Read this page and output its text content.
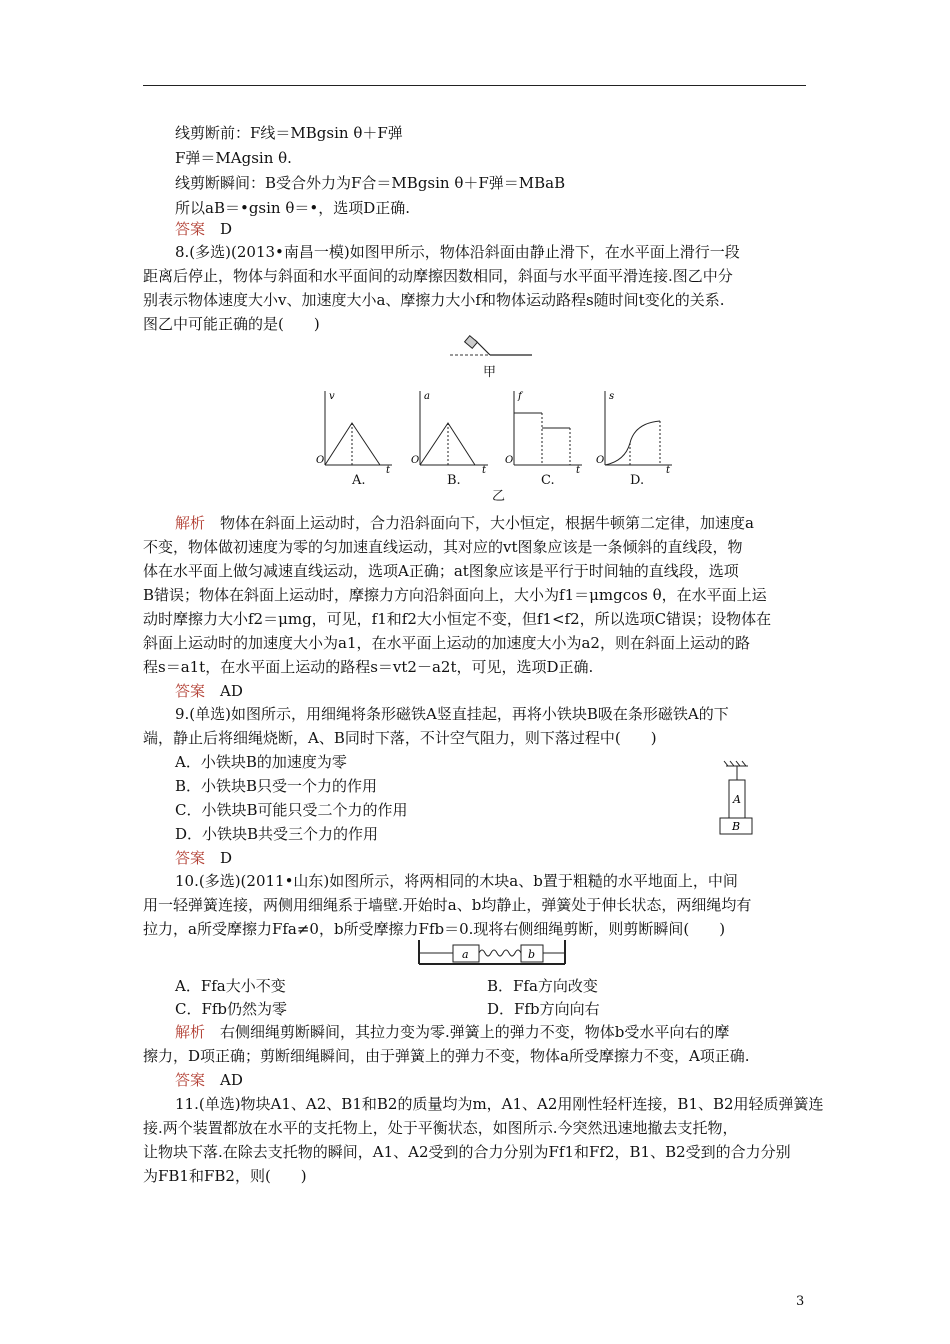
线剪断前：F线＝MBgsin θ＋F弹
F弹＝MAgsin θ.
线剪断瞬间：B受合外力为F合＝MBgsin θ＋F弹＝MBaB
所以aB＝•gsin θ＝•，选项D正确.
答案　 D
8.(多选)(2013•南昌一模)如图甲所示，物体沿斜面由静止滑下，在水平面上滑行一段
距离后停止，物体与斜面和水平面间的动摩擦因数相同，斜面与水平面平滑连接.图乙中分
别表示物体速度大小v、加速度大小a、摩擦力大小f和物体运动路程s随时间t变化的关系.
图乙中可能正确的是(　　)
甲
v
O
t
a
O
t
f
O
t
s
O
t
A.	B.	C.	D.
乙
解析　 物体在斜面上运动时，合力沿斜面向下，大小恒定，根据牛顿第二定律，加速度a
不变，物体做初速度为零的匀加速直线运动，其对应的vt图象应该是一条倾斜的直线段，物
体在水平面上做匀减速直线运动，选项A正确；at图象应该是平行于时间轴的直线段，选项
B错误；物体在斜面上运动时，摩擦力方向沿斜面向上，大小为f1＝μmgcos θ，在水平面上运
动时摩擦力大小f2＝μmg，可见，f1和f2大小恒定不变，但f1<f2，所以选项C错误；设物体在
斜面上运动时的加速度大小为a1，在水平面上运动的加速度大小为a2，则在斜面上运动的路
程s＝a1t，在水平面上运动的路程s＝vt2－a2t，可见，选项D正确.
答案　 AD
9.(单选)如图所示，用细绳将条形磁铁A竖直挂起，再将小铁块B吸在条形磁铁A的下
端，静止后将细绳烧断，A、B同时下落，不计空气阻力，则下落过程中(　　)
A．小铁块B的加速度为零
B．小铁块B只受一个力的作用
C．小铁块B可能只受二个力的作用
D．小铁块B共受三个力的作用
答案　 D
A
B
10.(多选)(2011•山东)如图所示，将两相同的木块a、b置于粗糙的水平地面上，中间
用一轻弹簧连接，两侧用细绳系于墙壁.开始时a、b均静止，弹簧处于伸长状态，两细绳均有
拉力，a所受摩擦力Ffa≠0，b所受摩擦力Ffb＝0.现将右侧细绳剪断，则剪断瞬间(　　)
a	b
A．Ffa大小不变	B．Ffa方向改变
C．Ffb仍然为零	D．Ffb方向向右
解析　 右侧细绳剪断瞬间，其拉力变为零.弹簧上的弹力不变，物体b受水平向右的摩
擦力，D项正确；剪断细绳瞬间，由于弹簧上的弹力不变，物体a所受摩擦力不变，A项正确.
答案　 AD
11.(单选)物块A1、A2、B1和B2的质量均为m，A1、A2用刚性轻杆连接，B1、B2用轻质弹簧连
接.两个装置都放在水平的支托物上，处于平衡状态，如图所示.今突然迅速地撤去支托物，
让物块下落.在除去支托物的瞬间，A1、A2受到的合力分别为Ff1和Ff2，B1、B2受到的合力分别
为FB1和FB2，则(　　)
3
